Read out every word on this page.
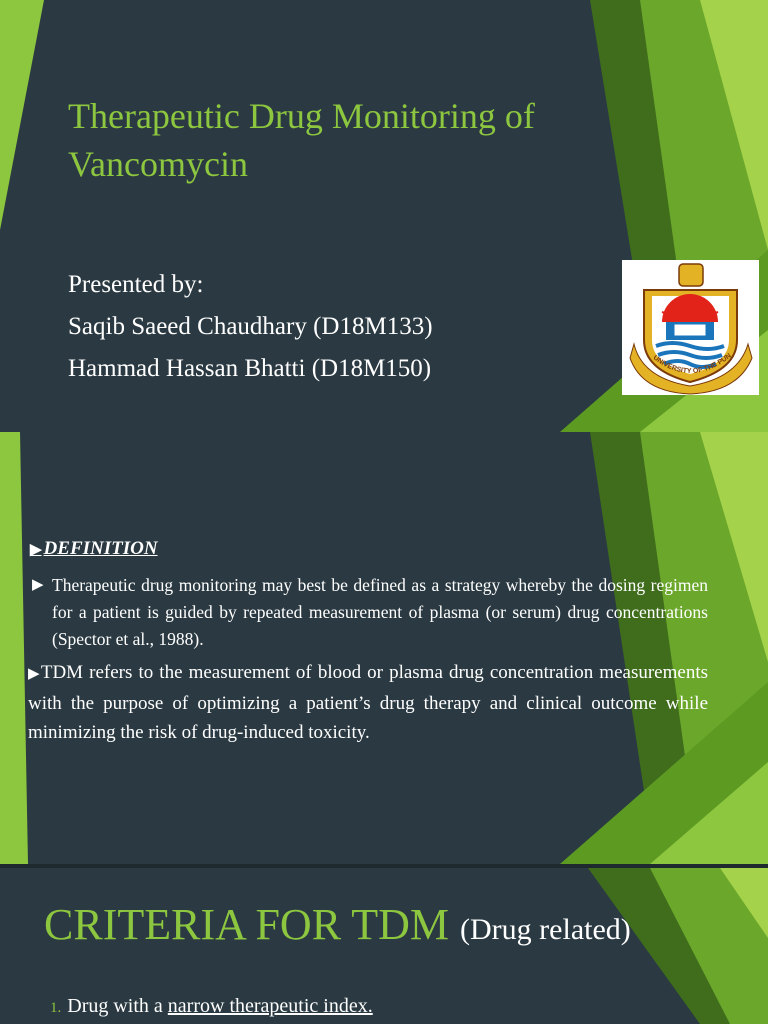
Therapeutic Drug Monitoring of Vancomycin
Presented by:
Saqib Saeed Chaudhary (D18M133)
Hammad Hassan Bhatti (D18M150)	UNIVERSITY OF THE PUN
▶ DEFINITION
▶ Therapeutic drug monitoring may best be defined as a strategy whereby the dosing regimen for a patient is guided by repeated measurement of plasma (or serum) drug concentrations (Spector et al., 1988).
▶TDM refers to the measurement of blood or plasma drug concentration measurements with the purpose of optimizing a patient’s drug therapy and clinical outcome while minimizing the risk of drug-induced toxicity.
CRITERIA FOR TDM (Drug related)
1. Drug with a narrow therapeutic index.
